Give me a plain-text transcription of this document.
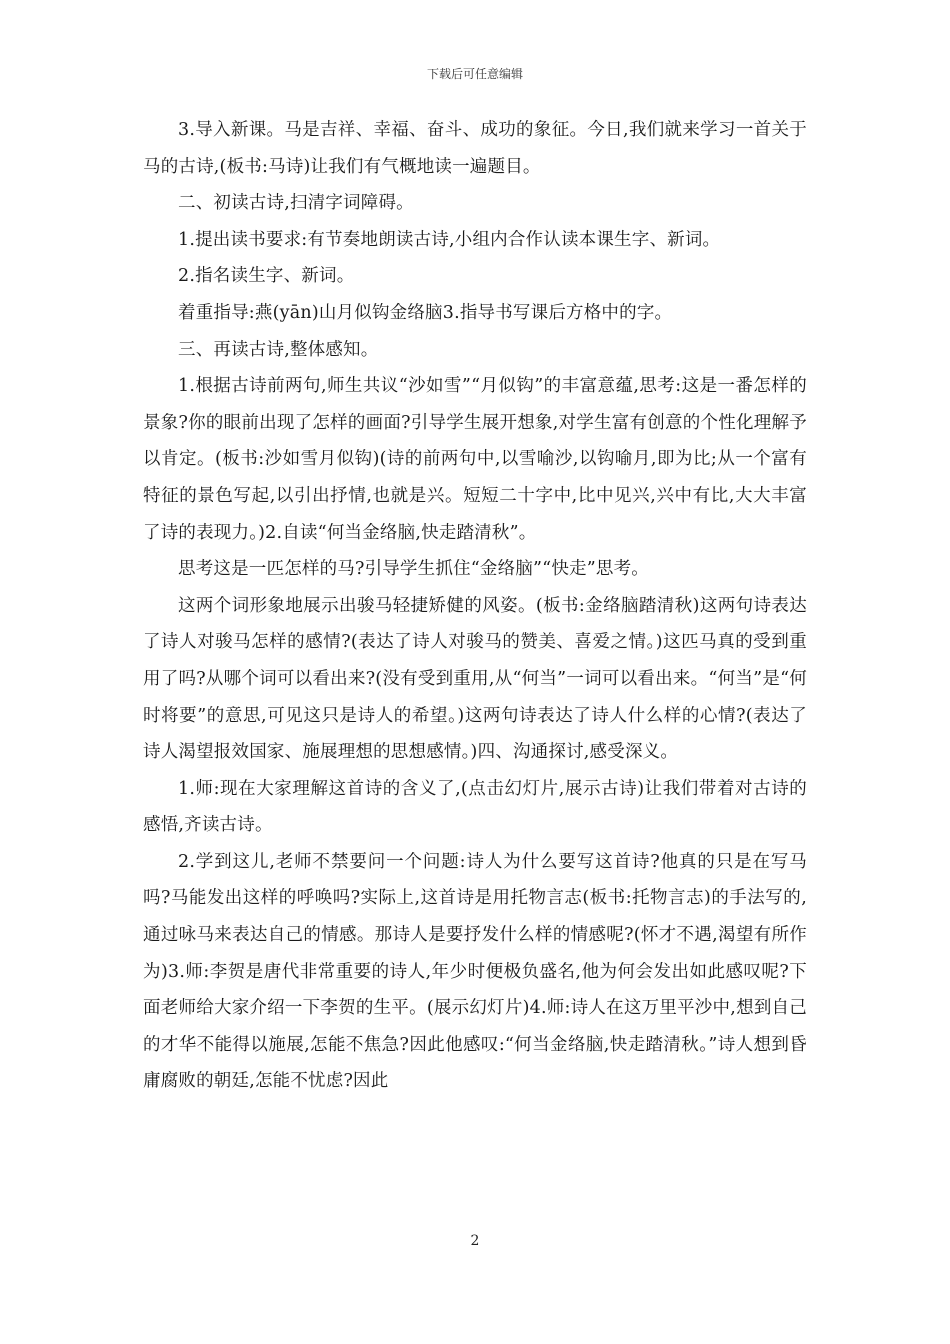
下载后可任意编辑

3.导入新课。马是吉祥、幸福、奋斗、成功的象征。今日,我们就来学习一首关于马的古诗,(板书:马诗)让我们有气概地读一遍题目。

二、初读古诗,扫清字词障碍。

1.提出读书要求:有节奏地朗读古诗,小组内合作认读本课生字、新词。

2.指名读生字、新词。

着重指导:燕(yān)山月似钩金络脑3.指导书写课后方格中的字。

三、再读古诗,整体感知。

1.根据古诗前两句,师生共议“沙如雪”“月似钩”的丰富意蕴,思考:这是一番怎样的景象?你的眼前出现了怎样的画面?引导学生展开想象,对学生富有创意的个性化理解予以肯定。(板书:沙如雪月似钩)(诗的前两句中,以雪喻沙,以钩喻月,即为比;从一个富有特征的景色写起,以引出抒情,也就是兴。短短二十字中,比中见兴,兴中有比,大大丰富了诗的表现力。)2.自读“何当金络脑,快走踏清秋”。

思考这是一匹怎样的马?引导学生抓住“金络脑”“快走”思考。

这两个词形象地展示出骏马轻捷矫健的风姿。(板书:金络脑踏清秋)这两句诗表达了诗人对骏马怎样的感情?(表达了诗人对骏马的赞美、喜爱之情。)这匹马真的受到重用了吗?从哪个词可以看出来?(没有受到重用,从“何当”一词可以看出来。“何当”是“何时将要”的意思,可见这只是诗人的希望。)这两句诗表达了诗人什么样的心情?(表达了诗人渴望报效国家、施展理想的思想感情。)四、沟通探讨,感受深义。

1.师:现在大家理解这首诗的含义了,(点击幻灯片,展示古诗)让我们带着对古诗的感悟,齐读古诗。

2.学到这儿,老师不禁要问一个问题:诗人为什么要写这首诗?他真的只是在写马吗?马能发出这样的呼唤吗?实际上,这首诗是用托物言志(板书:托物言志)的手法写的,通过咏马来表达自己的情感。那诗人是要抒发什么样的情感呢?(怀才不遇,渴望有所作为)3.师:李贺是唐代非常重要的诗人,年少时便极负盛名,他为何会发出如此感叹呢?下面老师给大家介绍一下李贺的生平。(展示幻灯片)4.师:诗人在这万里平沙中,想到自己的才华不能得以施展,怎能不焦急?因此他感叹:“何当金络脑,快走踏清秋。”诗人想到昏庸腐败的朝廷,怎能不忧虑?因此

2
